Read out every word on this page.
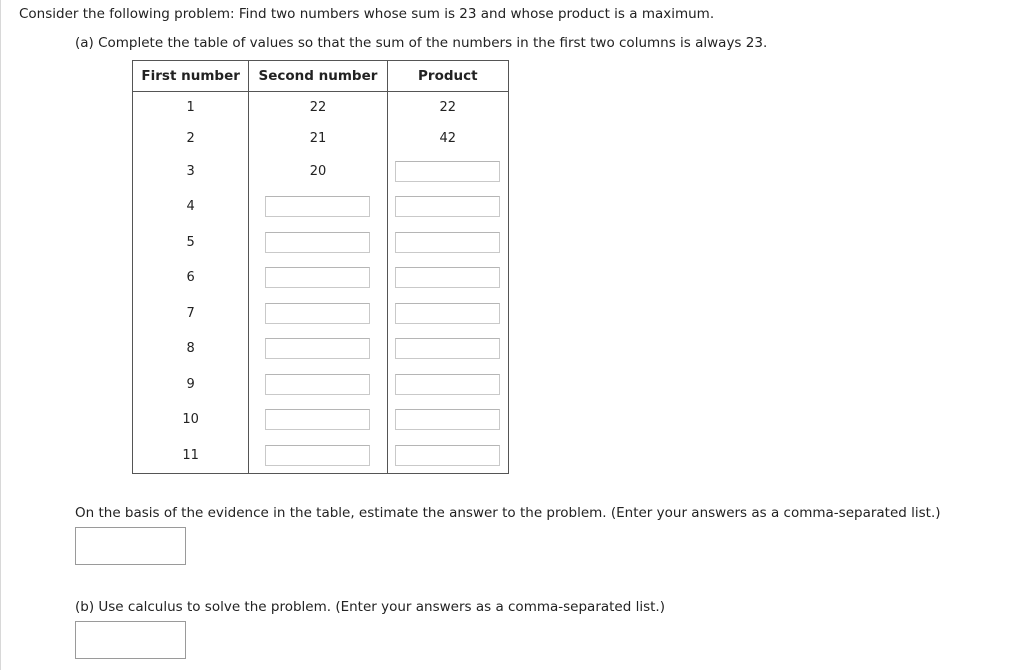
Consider the following problem: Find two numbers whose sum is 23 and whose product is a maximum.
(a) Complete the table of values so that the sum of the numbers in the first two columns is always 23.
First number	Second number	Product
1	22	22
2	21	42
3	20	
4		
5		
6		
7		
8		
9		
10		
11		
On the basis of the evidence in the table, estimate the answer to the problem. (Enter your answers as a comma-separated list.)
(b) Use calculus to solve the problem. (Enter your answers as a comma-separated list.)
